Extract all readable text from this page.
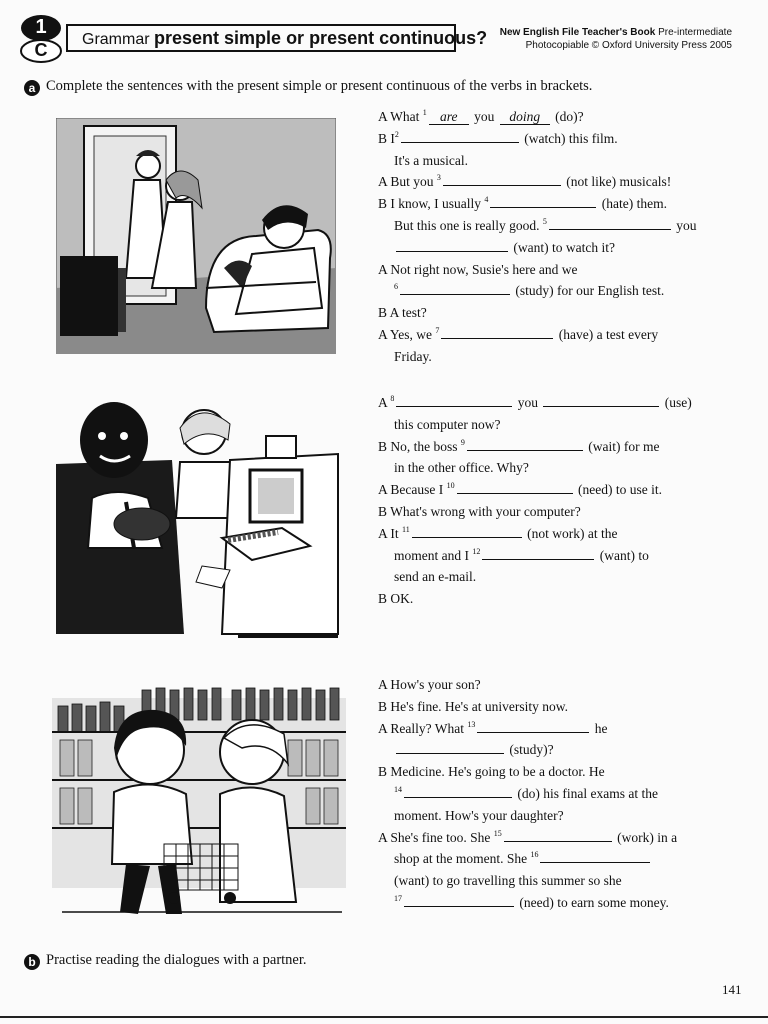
1
C
Grammar present simple or present continuous?	New English File Teacher's Book Pre-intermediate
Photocopiable © Oxford University Press 2005
a Complete the sentences with the present simple or present continuous of the verbs in brackets.
A What $^1$ are you doing (do)?
B $I^2$	(watch) this film.
It's a musical.
A But you $^3$	(not like) musicals!
B I know, I usually $^4$	(hate) them.
But this one is really good. $^5$	you
(want) to watch it?
A Not right now, Susie's here and we
$^6$	(study) for our English test.
B A test?
A Yes, we $^7$	(have) a test every
Friday.
A $^8$	you	(use)
this computer now?
B No, the boss $^9$	(wait) for me
in the other office. Why?
A Because I $^{10}$	(need) to use it.
B What's wrong with your computer?
A It $^{11}$	(not work) at the
moment and I $^{12}$	(want) to
send an e-mail.
B OK.
A How's your son?
B He's fine. He's at university now.
A Really? What $^{13}$	he
(study)?
B Medicine. He's going to be a doctor. He
$^{14}$	(do) his final exams at the
moment. How's your daughter?
A She's fine too. She $^{15}$	(work) in a
shop at the moment. She $^{16}$
(want) to go travelling this summer so she
$^{17}$	(need) to earn some money.
b Practise reading the dialogues with a partner.
141
